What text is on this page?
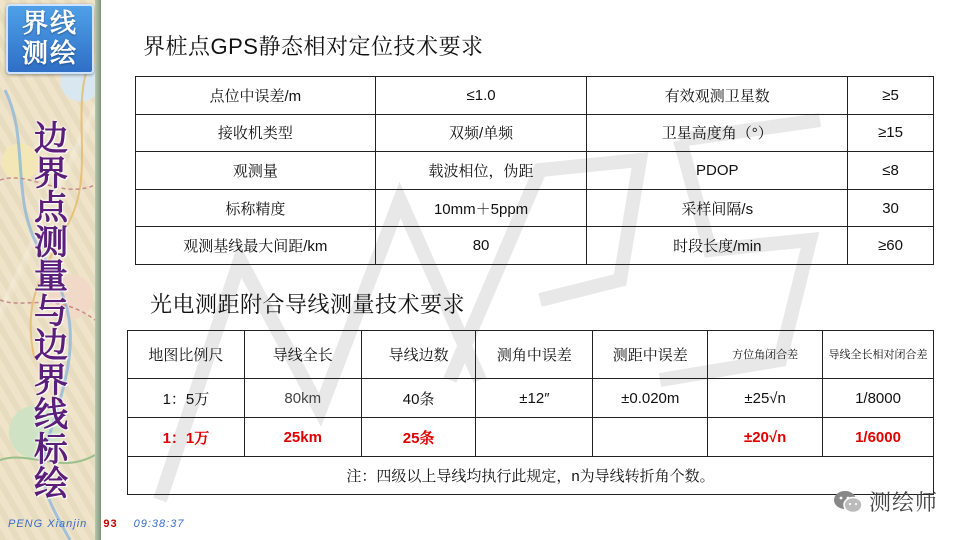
界线
测绘
边
界
点
测
量
与
边
界
线
标
绘
界桩点GPS静态相对定位技术要求
点位中误差/m	≤1.0	有效观测卫星数	≥5
接收机类型	双频/单频	卫星高度角（°）	≥15
观测量	载波相位，伪距	PDOP	≤8
标称精度	10mm＋5ppm	采样间隔/s	30
观测基线最大间距/km	80	时段长度/min	≥60
光电测距附合导线测量技术要求
地图比例尺	导线全长	导线边数	测角中误差	测距中误差	方位角闭合差	导线全长相对闭合差
1：5万	80km	40条	±12″	±0.020m	±25√n	1/8000
1：1万	25km	25条			±20√n	1/6000
注：四级以上导线均执行此规定，n为导线转折角个数。						
PENG Xianjin 93 09:38:37
测绘师
